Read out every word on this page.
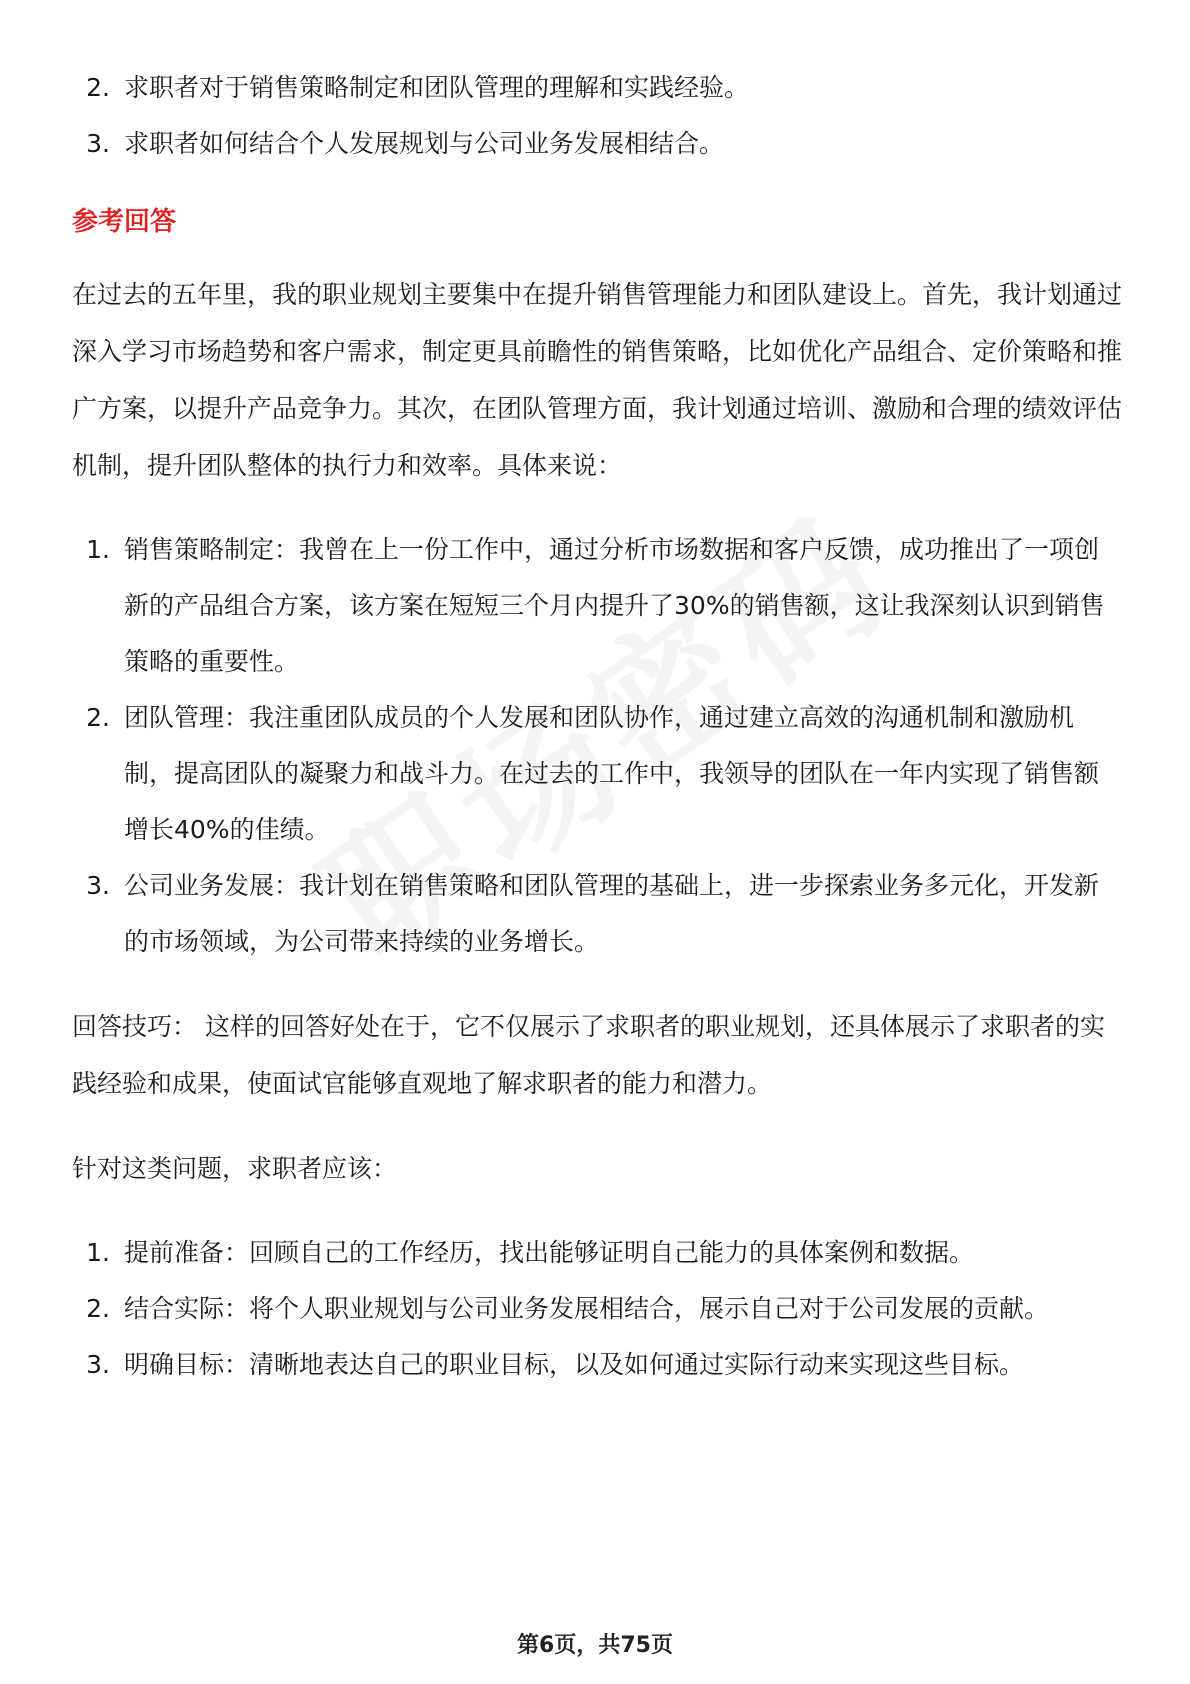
2. 求职者对于销售策略制定和团队管理的理解和实践经验。
3. 求职者如何结合个人发展规划与公司业务发展相结合。
参考回答

在过去的五年里，我的职业规划主要集中在提升销售管理能力和团队建设上。首先，我计划通过深入学习市场趋势和客户需求，制定更具前瞻性的销售策略，比如优化产品组合、定价策略和推广方案，以提升产品竞争力。其次，在团队管理方面，我计划通过培训、激励和合理的绩效评估机制，提升团队整体的执行力和效率。具体来说：

1. 销售策略制定：我曾在上一份工作中，通过分析市场数据和客户反馈，成功推出了一项创新的产品组合方案，该方案在短短三个月内提升了30%的销售额，这让我深刻认识到销售策略的重要性。
2. 团队管理：我注重团队成员的个人发展和团队协作，通过建立高效的沟通机制和激励机制，提高团队的凝聚力和战斗力。在过去的工作中，我领导的团队在一年内实现了销售额增长40%的佳绩。
3. 公司业务发展：我计划在销售策略和团队管理的基础上，进一步探索业务多元化，开发新的市场领域，为公司带来持续的业务增长。

回答技巧： 这样的回答好处在于，它不仅展示了求职者的职业规划，还具体展示了求职者的实践经验和成果，使面试官能够直观地了解求职者的能力和潜力。

针对这类问题，求职者应该：

1. 提前准备：回顾自己的工作经历，找出能够证明自己能力的具体案例和数据。
2. 结合实际：将个人职业规划与公司业务发展相结合，展示自己对于公司发展的贡献。
3. 明确目标：清晰地表达自己的职业目标，以及如何通过实际行动来实现这些目标。
第6页，共75页
